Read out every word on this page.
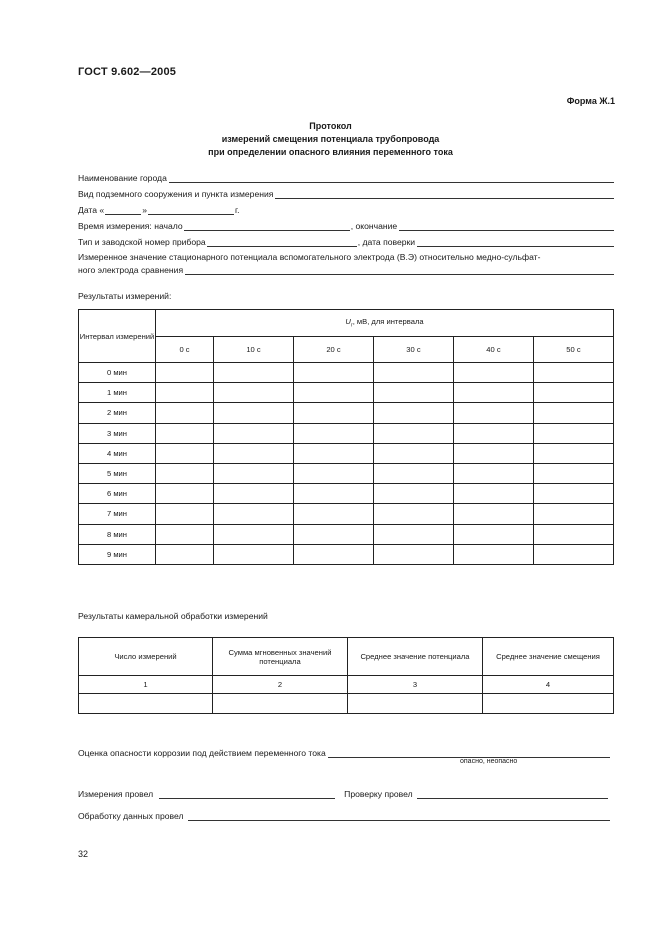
ГОСТ 9.602—2005
Форма Ж.1
Протокол
измерений смещения потенциала трубопровода
при определении опасного влияния переменного тока
Наименование города
Вид подземного сооружения и пункта измерения
Дата «	»	г.
Время измерения: начало	, окончание
Тип и заводской номер прибора	, дата поверки
Измеренное значение стационарного потенциала вспомогательного электрода (В.Э) относительно медно-сульфат-
ного электрода сравнения
Результаты измерений:
Интервал измерений	$U_г$, мВ, для интервала					
	0 с	10 с	20 с	30 с	40 с	50 с
0 мин						
1 мин						
2 мин						
3 мин						
4 мин						
5 мин						
6 мин						
7 мин						
8 мин						
9 мин						
Результаты камеральной обработки измерений
Число измерений	Сумма мгновенных значений потенциала	Среднее значение потенциала	Среднее значение смещения
1	2	3	4

Оценка опасности коррозии под действием переменного тока
опасно, неопасно
Измерения провел	Проверку провел
Обработку данных провел
32
